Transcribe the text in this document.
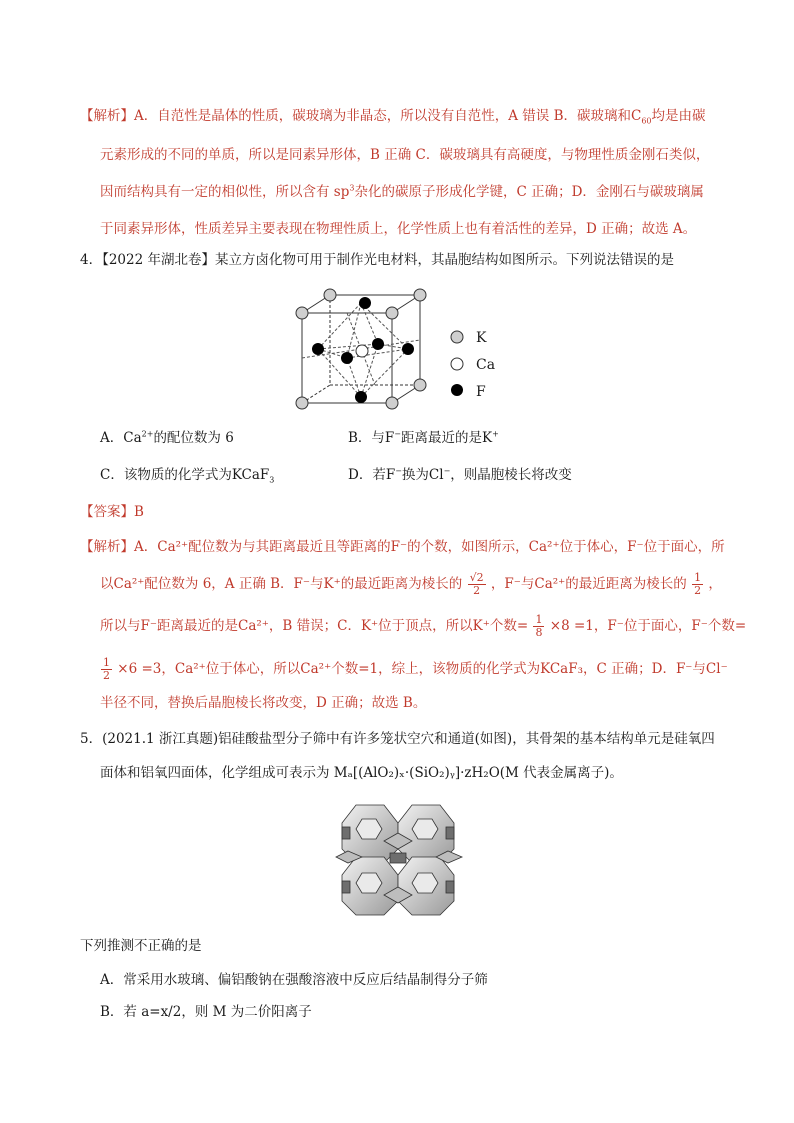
【解析】A．自范性是晶体的性质，碳玻璃为非晶态，所以没有自范性，A 错误 B．碳玻璃和$C_{60}$均是由碳
元素形成的不同的单质，所以是同素异形体，B 正确 C．碳玻璃具有高硬度，与物理性质金刚石类似，
因而结构具有一定的相似性，所以含有 $sp^3$杂化的碳原子形成化学键，C 正确；D．金刚石与碳玻璃属
于同素异形体，性质差异主要表现在物理性质上，化学性质上也有着活性的差异，D 正确；故选 A。
4．【2022 年湖北卷】某立方卤化物可用于制作光电材料，其晶胞结构如图所示。下列说法错误的是
K
Ca
F
A．$Ca^{2+}$的配位数为 6	B．与F−距离最近的是K+
C．该物质的化学式为KCaF$_3$	D．若F−换为Cl−，则晶胞棱长将改变
【答案】B
【解析】A．Ca²⁺配位数为与其距离最近且等距离的F⁻的个数，如图所示，Ca²⁺位于体心，F⁻位于面心，所
以Ca²⁺配位数为 6，A 正确 B．F⁻与K⁺的最近距离为棱长的 $\frac{√2}{2}$ ，F⁻与Ca²⁺的最近距离为棱长的 $\frac{1}{2}$ ，
所以与F⁻距离最近的是Ca²⁺，B 错误；C．K⁺位于顶点，所以K⁺个数= $\frac{1}{8} \times 8 =1$，F⁻位于面心，F⁻个数=
$\frac{1}{2} \times 6 =3$，Ca²⁺位于体心，所以Ca²⁺个数=1，综上，该物质的化学式为KCaF₃，C 正确；D．F⁻与Cl⁻
半径不同，替换后晶胞棱长将改变，D 正确；故选 B。
5．(2021.1 浙江真题)铝硅酸盐型分子筛中有许多笼状空穴和通道(如图)，其骨架的基本结构单元是硅氧四
面体和铝氧四面体，化学组成可表示为 Mₐ[(AlO₂)ₓ·(SiO₂)ᵧ]·zH₂O(M 代表金属离子)。
下列推测不正确的是
A．常采用水玻璃、偏铝酸钠在强酸溶液中反应后结晶制得分子筛
B．若 a=x/2，则 M 为二价阳离子
